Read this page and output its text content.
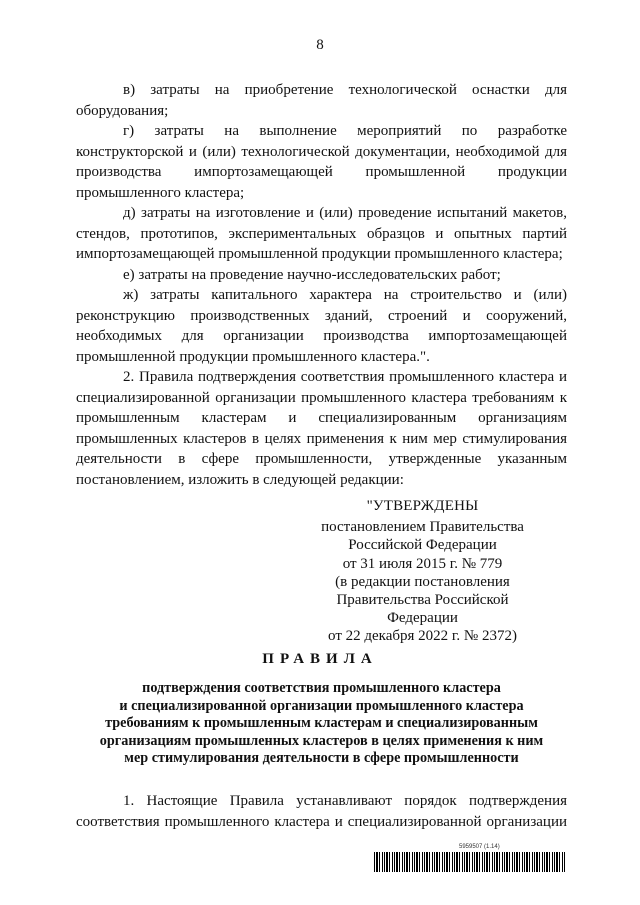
8

в) затраты на приобретение технологической оснастки для оборудования;

г) затраты на выполнение мероприятий по разработке конструкторской и (или) технологической документации, необходимой для производства импортозамещающей промышленной продукции промышленного кластера;

д) затраты на изготовление и (или) проведение испытаний макетов, стендов, прототипов, экспериментальных образцов и опытных партий импортозамещающей промышленной продукции промышленного кластера;

е) затраты на проведение научно-исследовательских работ;

ж) затраты капитального характера на строительство и (или) реконструкцию производственных зданий, строений и сооружений, необходимых для организации производства импортозамещающей промышленной продукции промышленного кластера.".

2. Правила подтверждения соответствия промышленного кластера и специализированной организации промышленного кластера требованиям к промышленным кластерам и специализированным организациям промышленных кластеров в целях применения к ним мер стимулирования деятельности в сфере промышленности, утвержденные указанным постановлением, изложить в следующей редакции:

"УТВЕРЖДЕНЫ
постановлением Правительства
Российской Федерации
от 31 июля 2015 г. № 779
(в редакции постановления
Правительства Российской Федерации
от 22 декабря 2022 г. № 2372)
ПРАВИЛА
подтверждения соответствия промышленного кластера
и специализированной организации промышленного кластера
требованиям к промышленным кластерам и специализированным
организациям промышленных кластеров в целях применения к ним
мер стимулирования деятельности в сфере промышленности

1. Настоящие Правила устанавливают порядок подтверждения соответствия промышленного кластера и специализированной организации

5959507 (1.14)
